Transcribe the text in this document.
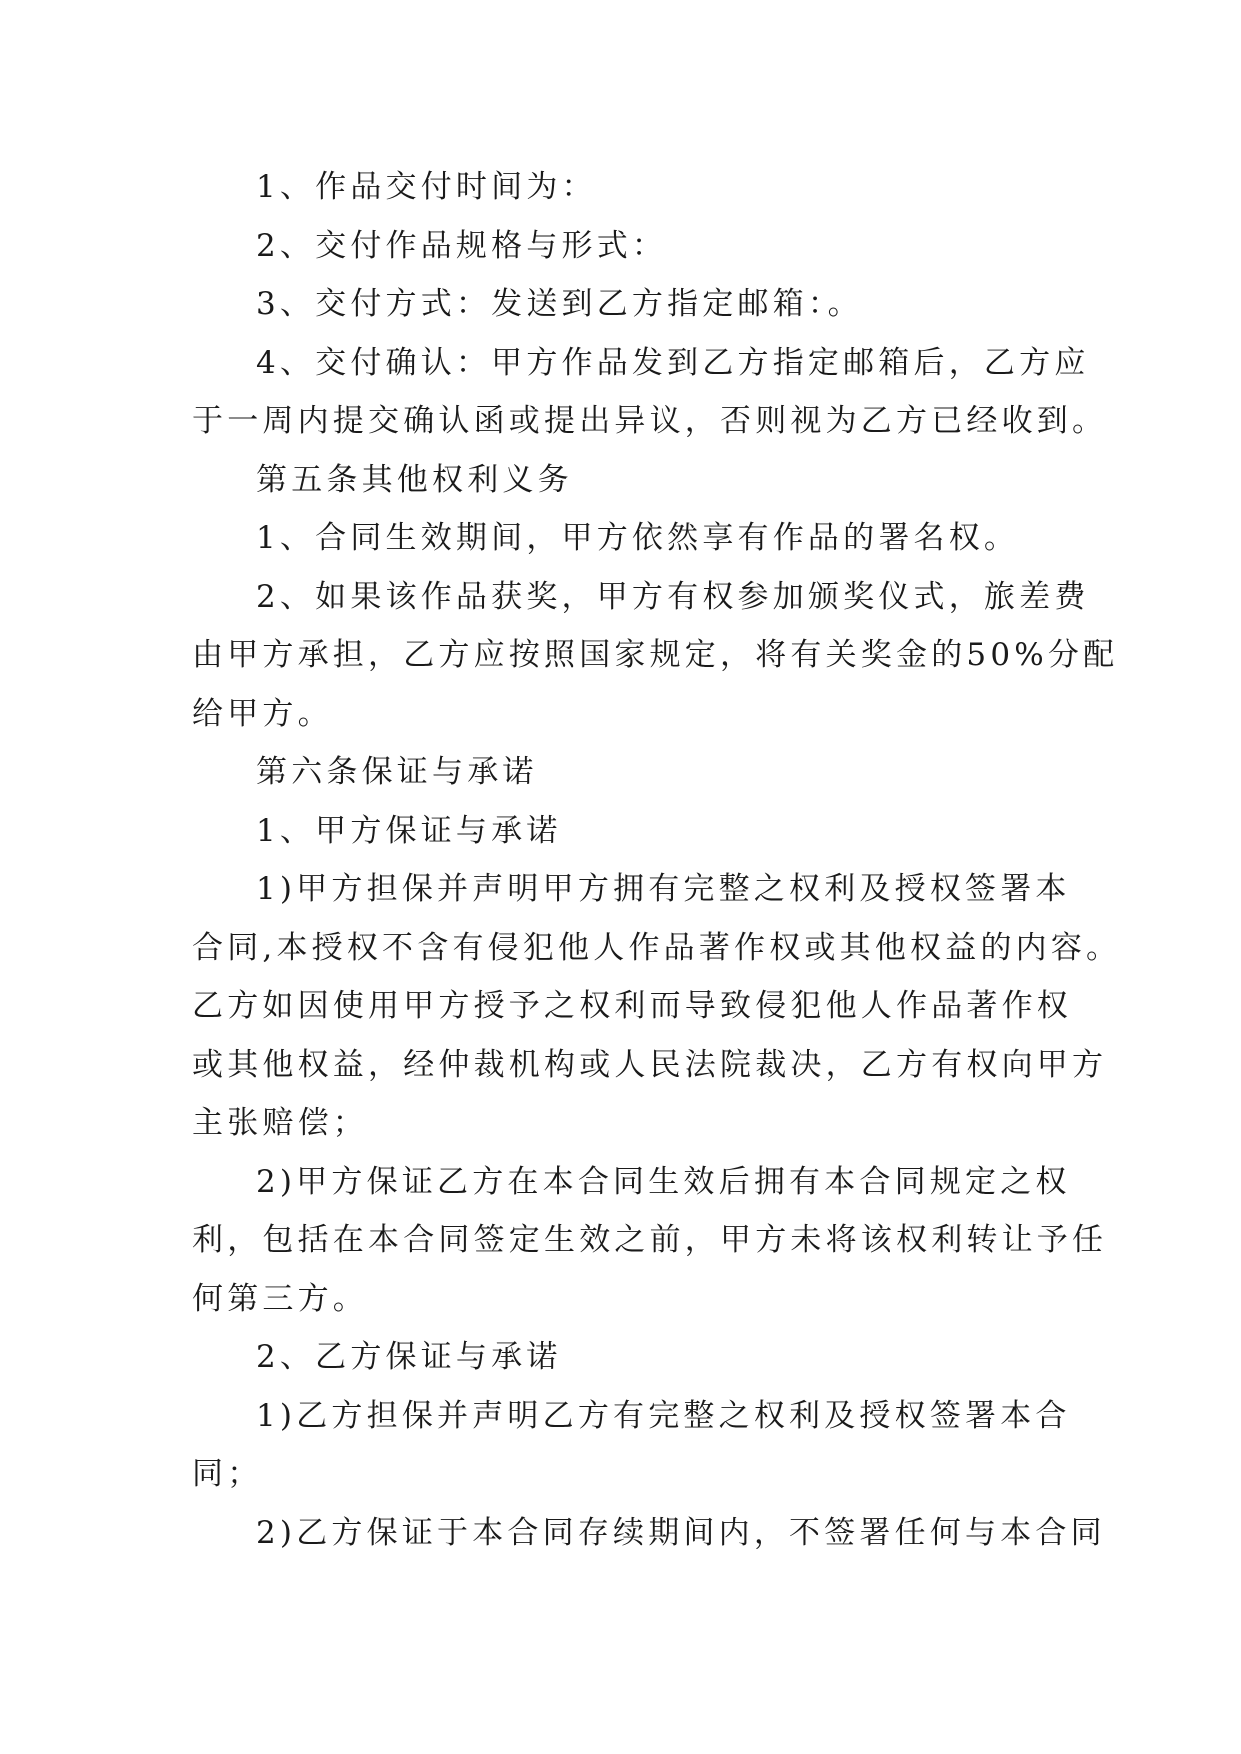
1、作品交付时间为：
2、交付作品规格与形式：
3、交付方式：发送到乙方指定邮箱：。
4、交付确认：甲方作品发到乙方指定邮箱后，乙方应
于一周内提交确认函或提出异议，否则视为乙方已经收到。
第五条其他权利义务
1、合同生效期间，甲方依然享有作品的署名权。
2、如果该作品获奖，甲方有权参加颁奖仪式，旅差费
由甲方承担，乙方应按照国家规定，将有关奖金的50%分配
给甲方。
第六条保证与承诺
1、甲方保证与承诺
1)甲方担保并声明甲方拥有完整之权利及授权签署本
合同,本授权不含有侵犯他人作品著作权或其他权益的内容。
乙方如因使用甲方授予之权利而导致侵犯他人作品著作权
或其他权益，经仲裁机构或人民法院裁决，乙方有权向甲方
主张赔偿；
2)甲方保证乙方在本合同生效后拥有本合同规定之权
利，包括在本合同签定生效之前，甲方未将该权利转让予任
何第三方。
2、乙方保证与承诺
1)乙方担保并声明乙方有完整之权利及授权签署本合
同；
2)乙方保证于本合同存续期间内，不签署任何与本合同
